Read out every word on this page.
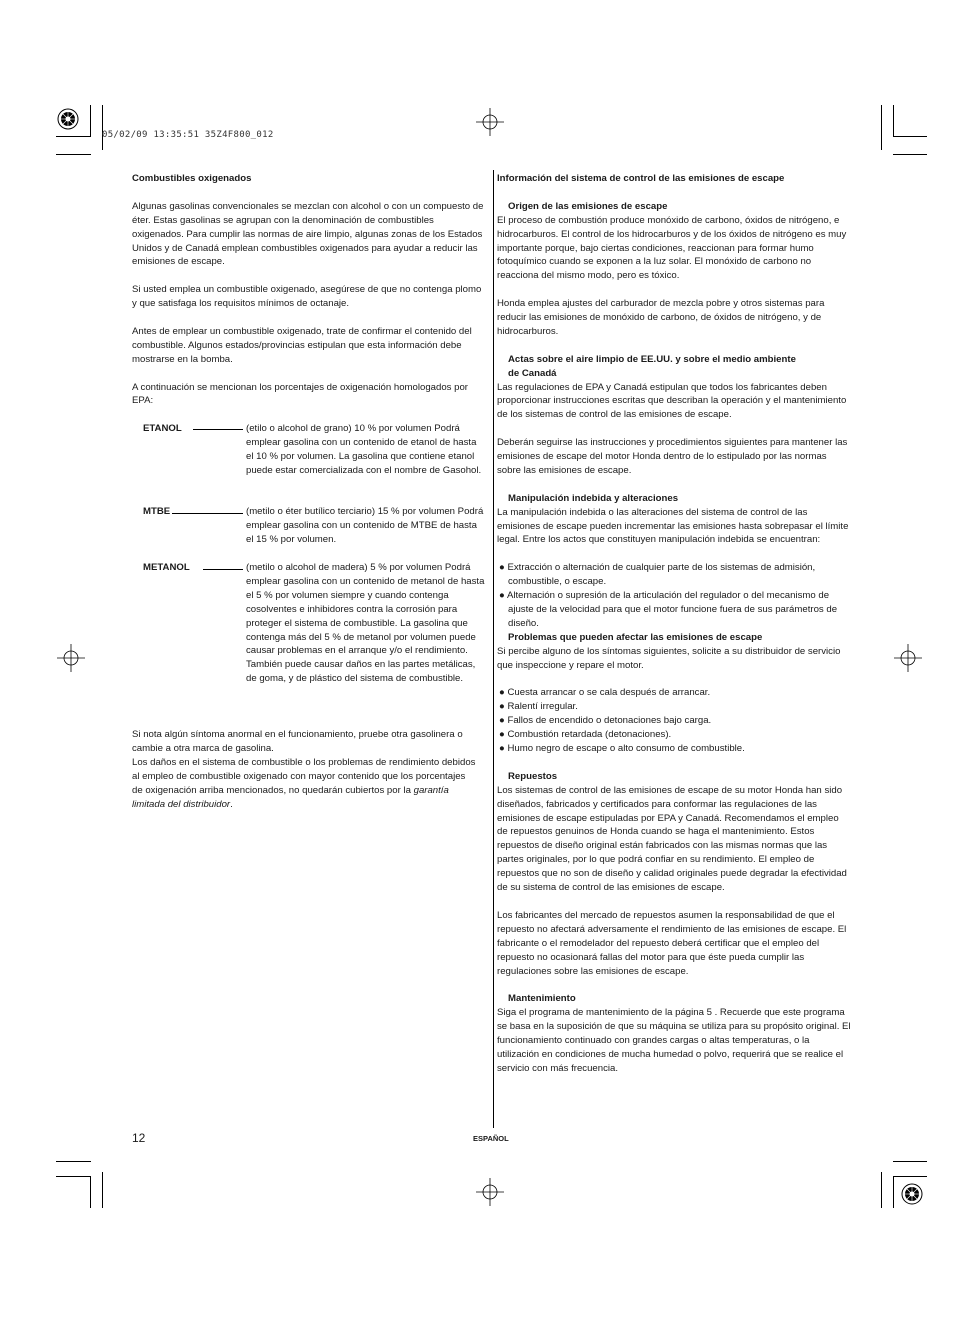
05/02/09 13:35:51 35Z4F800_012

Combustibles oxigenados

Algunas gasolinas convencionales se mezclan con alcohol o con un compuesto de éter. Estas gasolinas se agrupan con la denominación de combustibles oxigenados. Para cumplir las normas de aire limpio, algunas zonas de los Estados Unidos y de Canadá emplean combustibles oxigenados para ayudar a reducir las emisiones de escape.

Si usted emplea un combustible oxigenado, asegúrese de que no contenga plomo y que satisfaga los requisitos mínimos de octanaje.

Antes de emplear un combustible oxigenado, trate de confirmar el contenido del combustible. Algunos estados/provincias estipulan que esta información debe mostrarse en la bomba.

A continuación se mencionan los porcentajes de oxigenación homologados por EPA:

ETANOL	(etilo o alcohol de grano) 10 % por volumen Podrá emplear gasolina con un contenido de etanol de hasta el 10 % por volumen. La gasolina que contiene etanol puede estar comercializada con el nombre de Gasohol.

MTBE	(metilo o éter butílico terciario) 15 % por volumen Podrá emplear gasolina con un contenido de MTBE de hasta el 15 % por volumen.

METANOL	(metilo o alcohol de madera) 5 % por volumen Podrá emplear gasolina con un contenido de metanol de hasta el 5 % por volumen siempre y cuando contenga cosolventes e inhibidores contra la corrosión para proteger el sistema de combustible. La gasolina que contenga más del 5 % de metanol por volumen puede causar problemas en el arranque y/o el rendimiento. También puede causar daños en las partes metálicas, de goma, y de plástico del sistema de combustible.

Si nota algún síntoma anormal en el funcionamiento, pruebe otra gasolinera o cambie a otra marca de gasolina.

Los daños en el sistema de combustible o los problemas de rendimiento debidos al empleo de combustible oxigenado con mayor contenido que los porcentajes de oxigenación arriba mencionados, no quedarán cubiertos por la garantía limitada del distribuidor.

Información del sistema de control de las emisiones de escape

Origen de las emisiones de escape

El proceso de combustión produce monóxido de carbono, óxidos de nitrógeno, e hidrocarburos. El control de los hidrocarburos y de los óxidos de nitrógeno es muy importante porque, bajo ciertas condiciones, reaccionan para formar humo fotoquímico cuando se exponen a la luz solar. El monóxido de carbono no reacciona del mismo modo, pero es tóxico.

Honda emplea ajustes del carburador de mezcla pobre y otros sistemas para reducir las emisiones de monóxido de carbono, de óxidos de nitrógeno, y de hidrocarburos.

Actas sobre el aire limpio de EE.UU. y sobre el medio ambiente de Canadá

Las regulaciones de EPA y Canadá estipulan que todos los fabricantes deben proporcionar instrucciones escritas que describan la operación y el mantenimiento de los sistemas de control de las emisiones de escape.

Deberán seguirse las instrucciones y procedimientos siguientes para mantener las emisiones de escape del motor Honda dentro de lo estipulado por las normas sobre las emisiones de escape.

Manipulación indebida y alteraciones

La manipulación indebida o las alteraciones del sistema de control de las emisiones de escape pueden incrementar las emisiones hasta sobrepasar el límite legal. Entre los actos que constituyen manipulación indebida se encuentran:

● Extracción o alternación de cualquier parte de los sistemas de admisión, combustible, o escape.

● Alternación o supresión de la articulación del regulador o del mecanismo de ajuste de la velocidad para que el motor funcione fuera de sus parámetros de diseño.

Problemas que pueden afectar las emisiones de escape

Si percibe alguno de los síntomas siguientes, solicite a su distribuidor de servicio que inspeccione y repare el motor.

● Cuesta arrancar o se cala después de arrancar.

● Ralentí irregular.

● Fallos de encendido o detonaciones bajo carga.

● Combustión retardada (detonaciones).

● Humo negro de escape o alto consumo de combustible.

Repuestos

Los sistemas de control de las emisiones de escape de su motor Honda han sido diseñados, fabricados y certificados para conformar las regulaciones de las emisiones de escape estipuladas por EPA y Canadá. Recomendamos el empleo de repuestos genuinos de Honda cuando se haga el mantenimiento. Estos repuestos de diseño original están fabricados con las mismas normas que las partes originales, por lo que podrá confiar en su rendimiento. El empleo de repuestos que no son de diseño y calidad originales puede degradar la efectividad de su sistema de control de las emisiones de escape.

Los fabricantes del mercado de repuestos asumen la responsabilidad de que el repuesto no afectará adversamente el rendimiento de las emisiones de escape. El fabricante o el remodelador del repuesto deberá certificar que el empleo del repuesto no ocasionará fallas del motor para que éste pueda cumplir las regulaciones sobre las emisiones de escape.

Mantenimiento

Siga el programa de mantenimiento de la página 5 . Recuerde que este programa se basa en la suposición de que su máquina se utiliza para su propósito original. El funcionamiento continuado con grandes cargas o altas temperaturas, o la utilización en condiciones de mucha humedad o polvo, requerirá que se realice el servicio con más frecuencia.

12	ESPAÑOL
